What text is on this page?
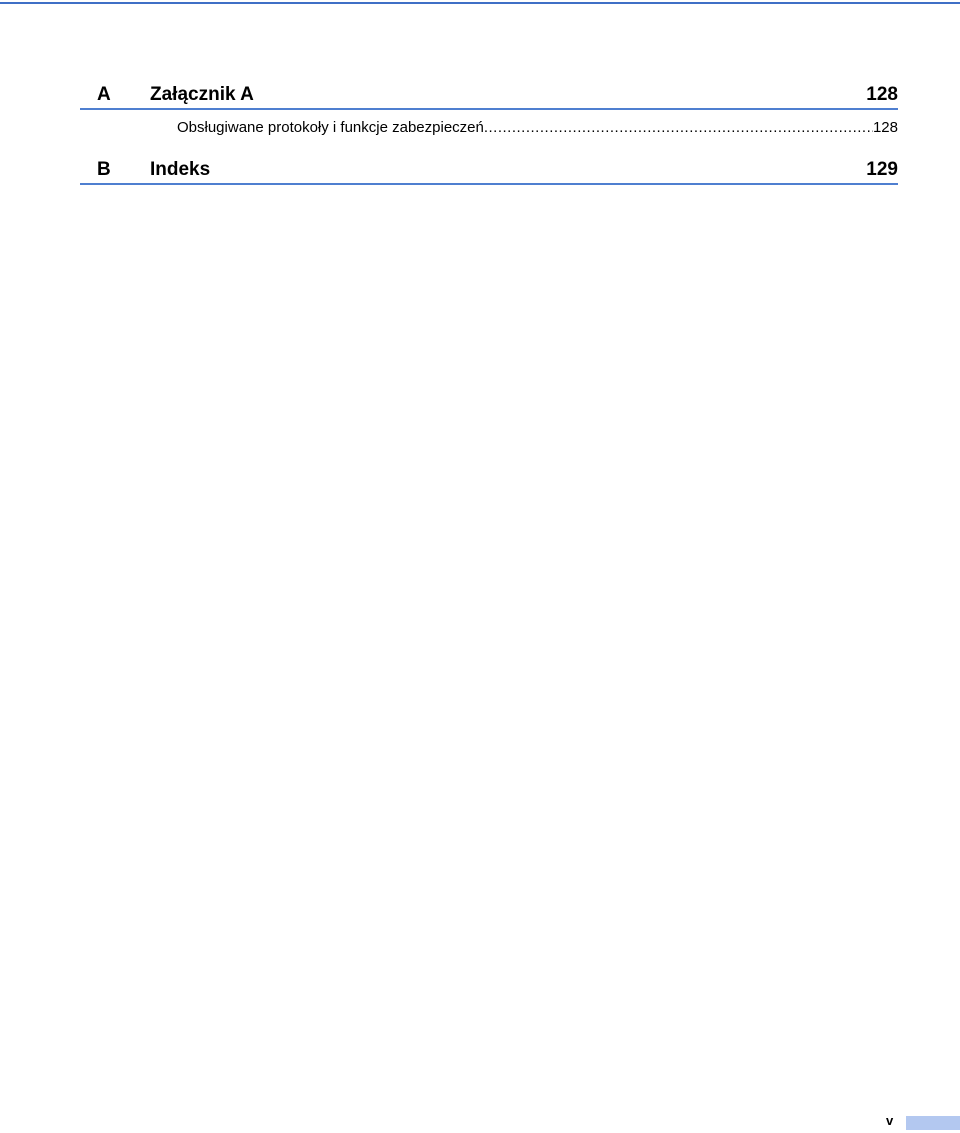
A Załącznik A	128
Obsługiwane protokoły i funkcje zabezpieczeń .....	128
B Indeks	129
v
